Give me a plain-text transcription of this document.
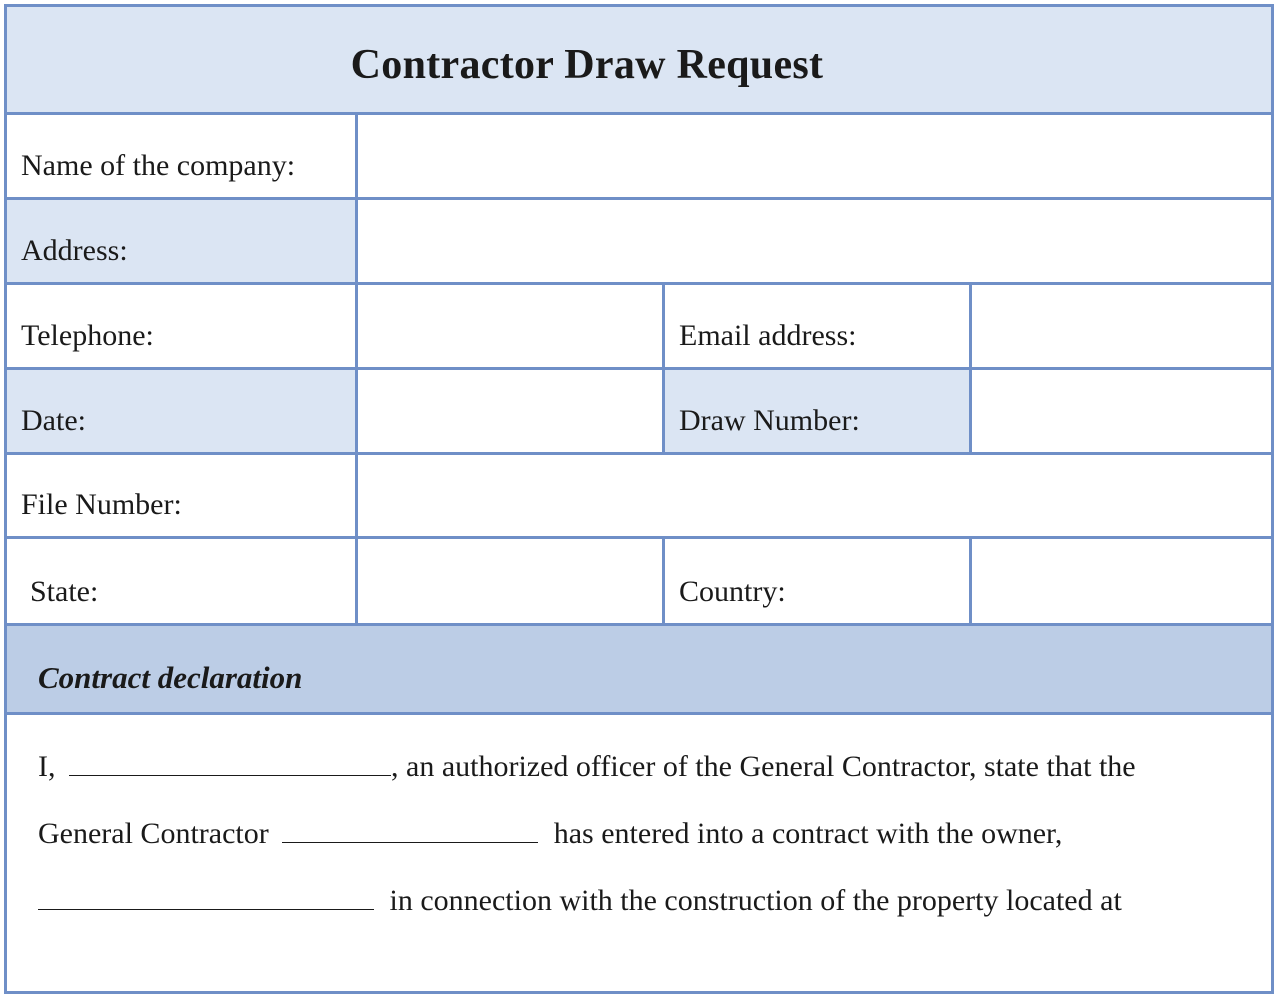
Contractor Draw Request
Name of the company:
Address:
Telephone:	Email address:
Date:	Draw Number:
File Number:
State:	Country:
Contract declaration
I,	, an authorized officer of the General Contractor, state that the
General Contractor	has entered into a contract with the owner,
in connection with the construction of the property located at
